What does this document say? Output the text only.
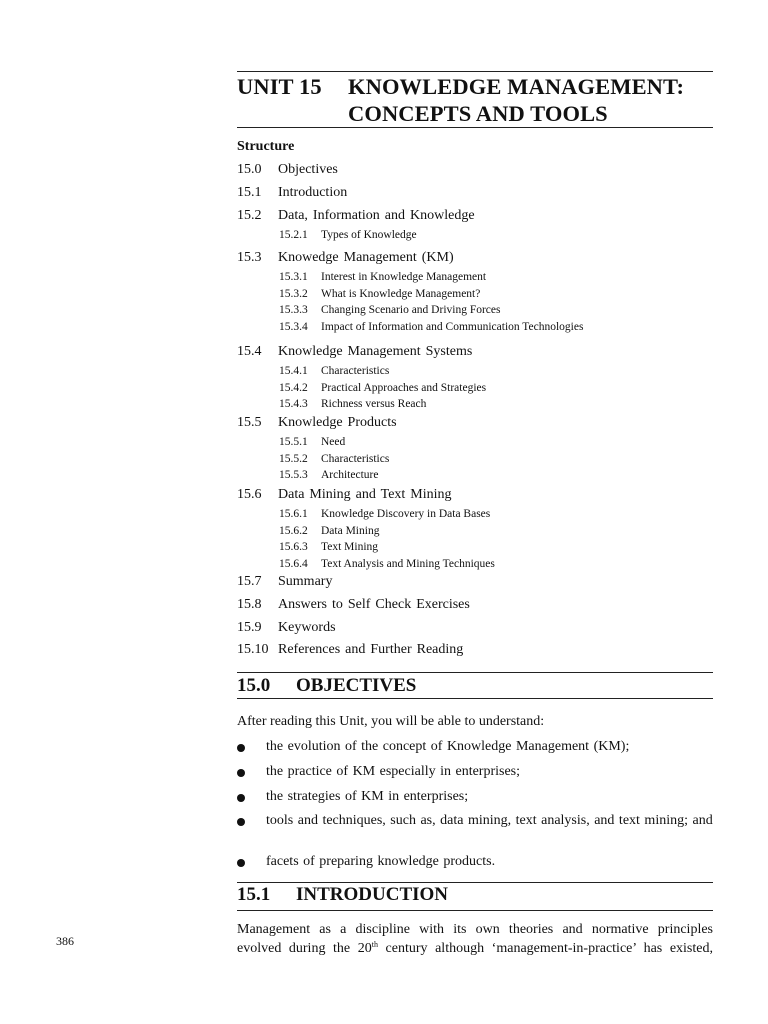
UNIT 15 KNOWLEDGE MANAGEMENT:
CONCEPTS AND TOOLS
Structure
15.0 Objectives
15.1 Introduction
15.2 Data, Information and Knowledge
15.2.1 Types of Knowledge
15.3 Knowedge Management (KM)
15.3.1 Interest in Knowledge Management
15.3.2 What is Knowledge Management?
15.3.3 Changing Scenario and Driving Forces
15.3.4 Impact of Information and Communication Technologies
15.4 Knowledge Management Systems
15.4.1 Characteristics
15.4.2 Practical Approaches and Strategies
15.4.3 Richness versus Reach
15.5 Knowledge Products
15.5.1 Need
15.5.2 Characteristics
15.5.3 Architecture
15.6 Data Mining and Text Mining
15.6.1 Knowledge Discovery in Data Bases
15.6.2 Data Mining
15.6.3 Text Mining
15.6.4 Text Analysis and Mining Techniques
15.7 Summary
15.8 Answers to Self Check Exercises
15.9 Keywords
15.10 References and Further Reading
15.0 OBJECTIVES
After reading this Unit, you will be able to understand:
the evolution of the concept of Knowledge Management (KM);
the practice of KM especially in enterprises;
the strategies of KM in enterprises;
tools and techniques, such as, data mining, text analysis, and text mining; and
facets of preparing knowledge products.
15.1 INTRODUCTION
Management as a discipline with its own theories and normative principles
evolved during the 20th century although ‘management-in-practice’ has existed,
386
